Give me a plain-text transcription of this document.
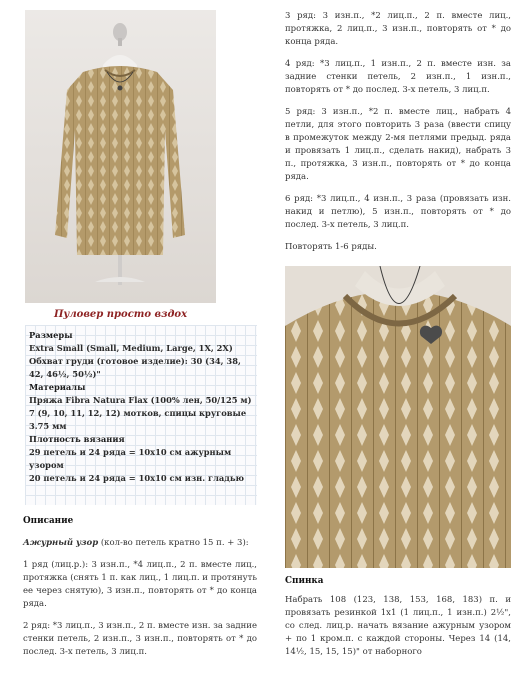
Пуловер просто вздох
Размеры
Extra Small (Small, Medium, Large, 1X, 2X)
Обхват груди (готовое изделие): 30 (34, 38, 42, 46½, 50½)"
Материалы
Пряжа Fibra Natura Flax (100% лен, 50/125 м) 7 (9, 10, 11, 12, 12) мотков, спицы круговые 3.75 мм
Плотность вязания
29 петель и 24 ряда = 10x10 см ажурным узором
20 петель и 24 ряда = 10x10 см изн. гладью

Описание

Ажурный узор (кол-во петель кратно 15 п. + 3):

1 ряд (лиц.р.): 3 изн.п., *4 лиц.п., 2 п. вместе лиц., протяжка (снять 1 п. как лиц., 1 лиц.п. и протянуть ее через снятую), 3 изн.п., повторять от * до конца ряда.

2 ряд: *3 лиц.п., 3 изн.п., 2 п. вместе изн. за задние стенки петель, 2 изн.п., 3 изн.п., повторять от * до послед. 3-х петель, 3 лиц.п.

3 ряд: 3 изн.п., *2 лиц.п., 2 п. вместе лиц., протяжка, 2 лиц.п., 3 изн.п., повторять от * до конца ряда.

4 ряд: *3 лиц.п., 1 изн.п., 2 п. вместе изн. за задние стенки петель, 2 изн.п., 1 изн.п., повторять от * до послед. 3-х петель, 3 лиц.п.

5 ряд: 3 изн.п., *2 п. вместе лиц., набрать 4 петли, для этого повторить 3 раза (ввести спицу в промежуток между 2-мя петлями предыд. ряда и провязать 1 лиц.п., сделать накид), набрать 3 п., протяжка, 3 изн.п., повторять от * до конца ряда.

6 ряд: *3 лиц.п., 4 изн.п., 3 раза (провязать изн. накид и петлю), 5 изн.п., повторять от * до послед. 3-х петель, 3 лиц.п.

Повторять 1-6 ряды.

Спинка

Набрать 108 (123, 138, 153, 168, 183) п. и провязать резинкой 1x1 (1 лиц.п., 1 изн.п.) 2½", со след. лиц.р. начать вязание ажурным узором + по 1 кром.п. с каждой стороны. Через 14 (14, 14½, 15, 15, 15)" от наборного
